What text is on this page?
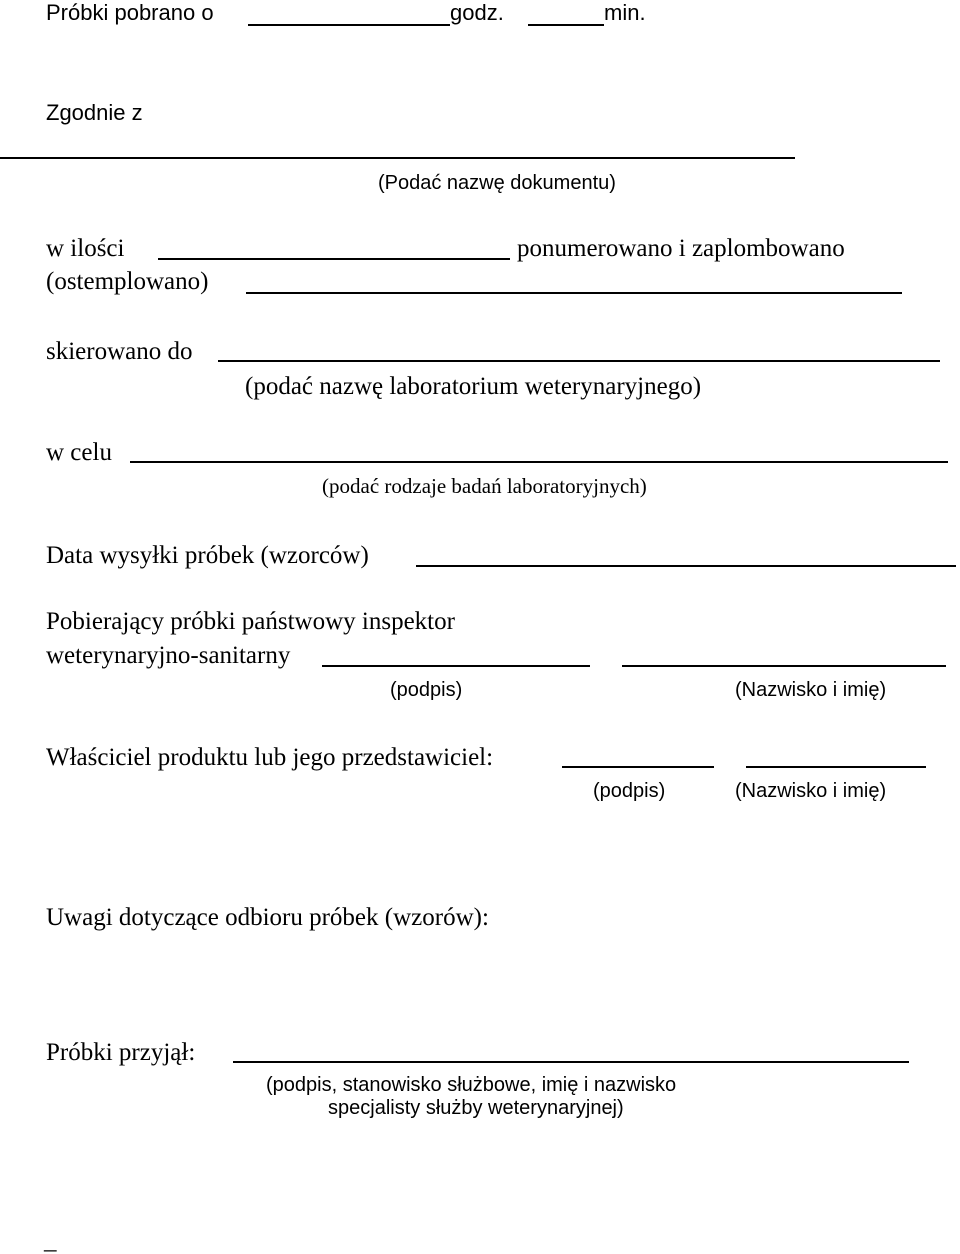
Próbki pobrano o	godz.	min.
Zgodnie z
(Podać nazwę dokumentu)
w ilości	ponumerowano i zaplombowano
(ostemplowano)
skierowano do
(podać nazwę laboratorium weterynaryjnego)
w celu
(podać rodzaje badań laboratoryjnych)
Data wysyłki próbek (wzorców)
Pobierający próbki państwowy inspektor
weterynaryjno-sanitarny
(podpis)	(Nazwisko i imię)
Właściciel produktu lub jego przedstawiciel:
(podpis)	(Nazwisko i imię)
Uwagi dotyczące odbioru próbek (wzorów):
Próbki przyjął:
(podpis, stanowisko służbowe, imię i nazwisko
specjalisty służby weterynaryjnej)
_
